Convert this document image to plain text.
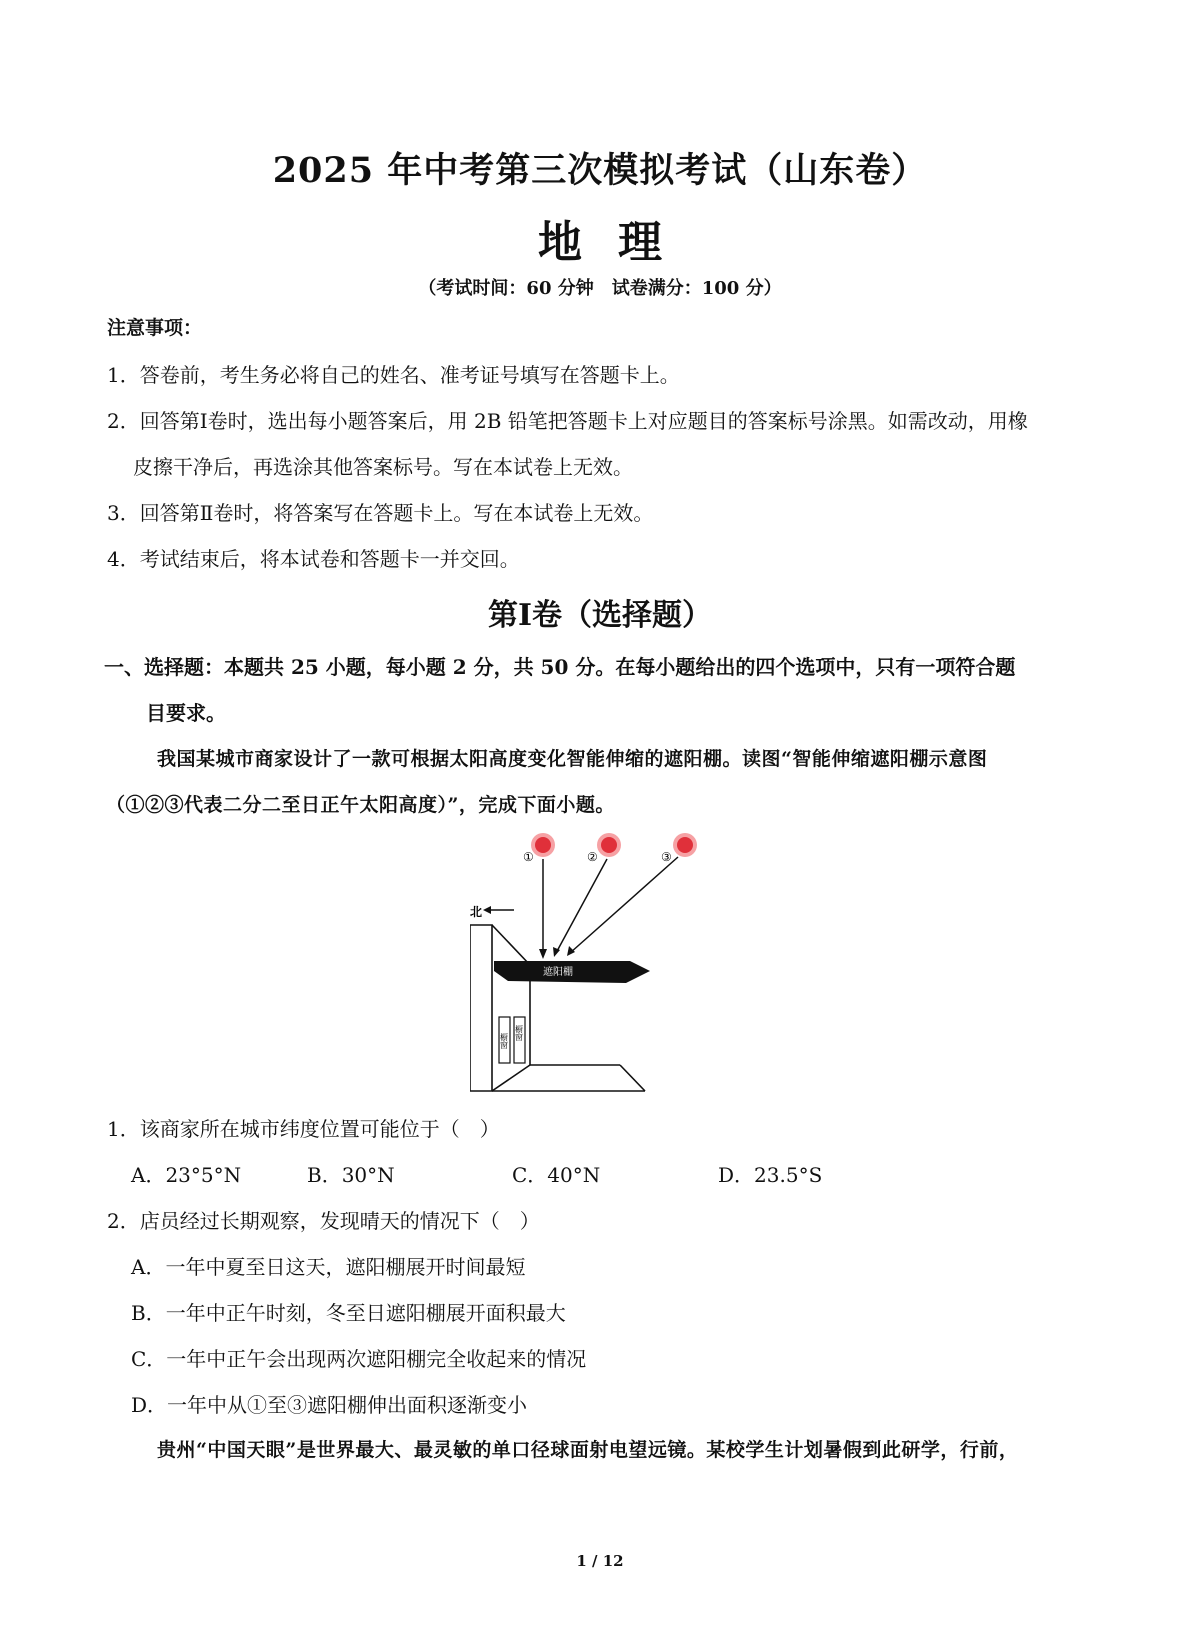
2025 年中考第三次模拟考试（山东卷）
地理
（考试时间：60 分钟　试卷满分：100 分）
注意事项：
1．答卷前，考生务必将自己的姓名、准考证号填写在答题卡上。
2．回答第Ⅰ卷时，选出每小题答案后，用 2B 铅笔把答题卡上对应题目的答案标号涂黑。如需改动，用橡
皮擦干净后，再选涂其他答案标号。写在本试卷上无效。
3．回答第Ⅱ卷时，将答案写在答题卡上。写在本试卷上无效。
4．考试结束后，将本试卷和答题卡一并交回。
第Ⅰ卷（选择题）
一、选择题：本题共 25 小题，每小题 2 分，共 50 分。在每小题给出的四个选项中，只有一项符合题
目要求。
我国某城市商家设计了一款可根据太阳高度变化智能伸缩的遮阳棚。读图“智能伸缩遮阳棚示意图
（①②③代表二分二至日正午太阳高度）”，完成下面小题。
①	②	③
北
遮阳棚
橱窗 橱窗
1．该商家所在城市纬度位置可能位于（　）
A．23°5°N	B．30°N	C．40°N	D．23.5°S
2．店员经过长期观察，发现晴天的情况下（　）
A．一年中夏至日这天，遮阳棚展开时间最短
B．一年中正午时刻，冬至日遮阳棚展开面积最大
C．一年中正午会出现两次遮阳棚完全收起来的情况
D．一年中从①至③遮阳棚伸出面积逐渐变小
贵州“中国天眼”是世界最大、最灵敏的单口径球面射电望远镜。某校学生计划暑假到此研学，行前，
1 / 12
